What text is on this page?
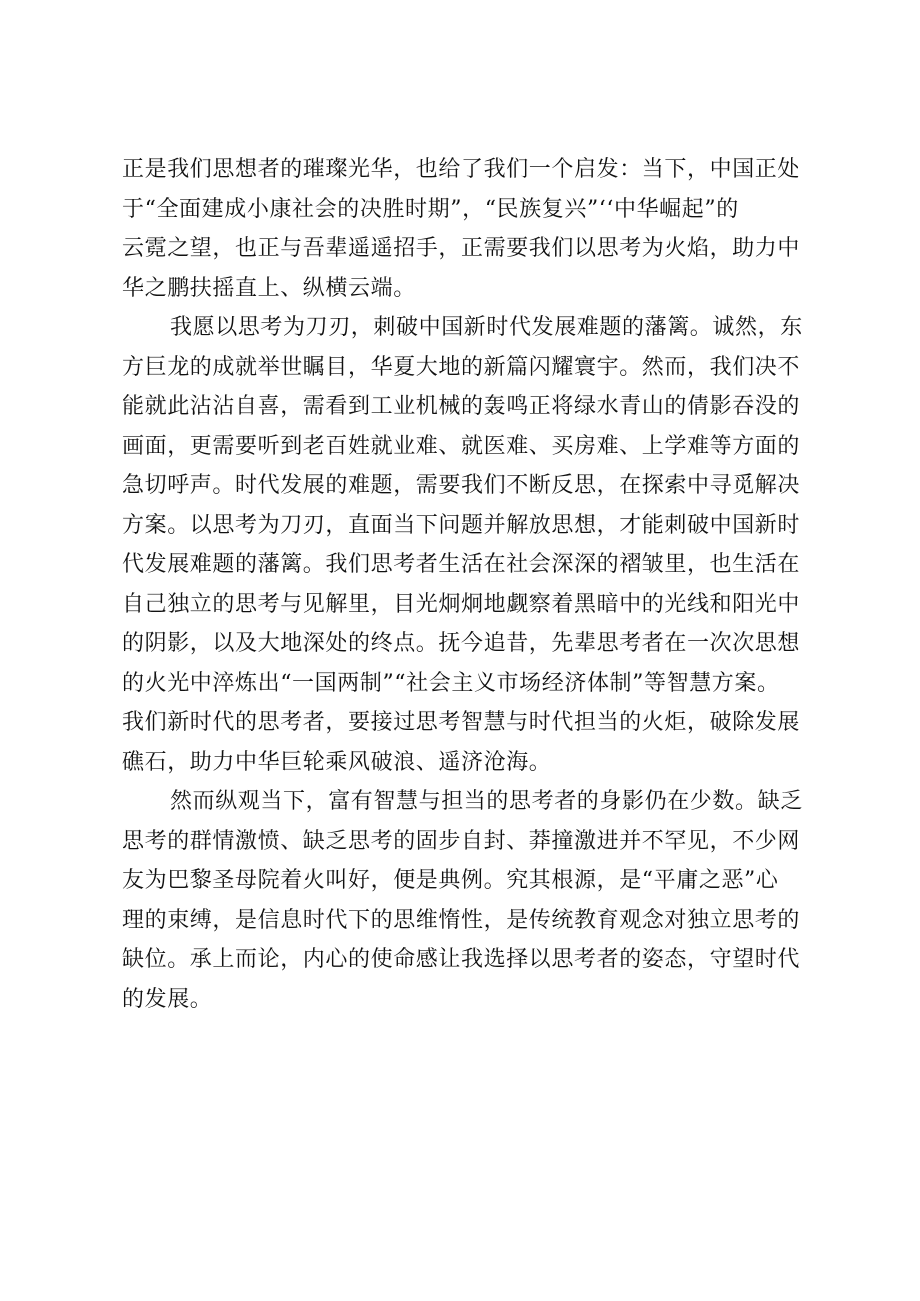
正是我们思想者的璀璨光华，也给了我们一个启发：当下，中国正处
于“全面建成小康社会的决胜时期”，“民族复兴”‘‘中华崛起”的
云霓之望，也正与吾辈遥遥招手，正需要我们以思考为火焰，助力中
华之鹏扶摇直上、纵横云端。

我愿以思考为刀刃，刺破中国新时代发展难题的藩篱。诚然，东
方巨龙的成就举世瞩目，华夏大地的新篇闪耀寰宇。然而，我们决不
能就此沾沾自喜，需看到工业机械的轰鸣正将绿水青山的倩影吞没的
画面，更需要听到老百姓就业难、就医难、买房难、上学难等方面的
急切呼声。时代发展的难题，需要我们不断反思，在探索中寻觅解决
方案。以思考为刀刃，直面当下问题并解放思想，才能刺破中国新时
代发展难题的藩篱。我们思考者生活在社会深深的褶皱里，也生活在
自己独立的思考与见解里，目光炯炯地觑察着黑暗中的光线和阳光中
的阴影，以及大地深处的终点。抚今追昔，先辈思考者在一次次思想
的火光中淬炼出“一国两制”“社会主义市场经济体制”等智慧方案。
我们新时代的思考者，要接过思考智慧与时代担当的火炬，破除发展
礁石，助力中华巨轮乘风破浪、遥济沧海。

然而纵观当下，富有智慧与担当的思考者的身影仍在少数。缺乏
思考的群情激愤、缺乏思考的固步自封、莽撞激进并不罕见，不少网
友为巴黎圣母院着火叫好，便是典例。究其根源，是“平庸之恶”心
理的束缚，是信息时代下的思维惰性，是传统教育观念对独立思考的
缺位。承上而论，内心的使命感让我选择以思考者的姿态，守望时代
的发展。
